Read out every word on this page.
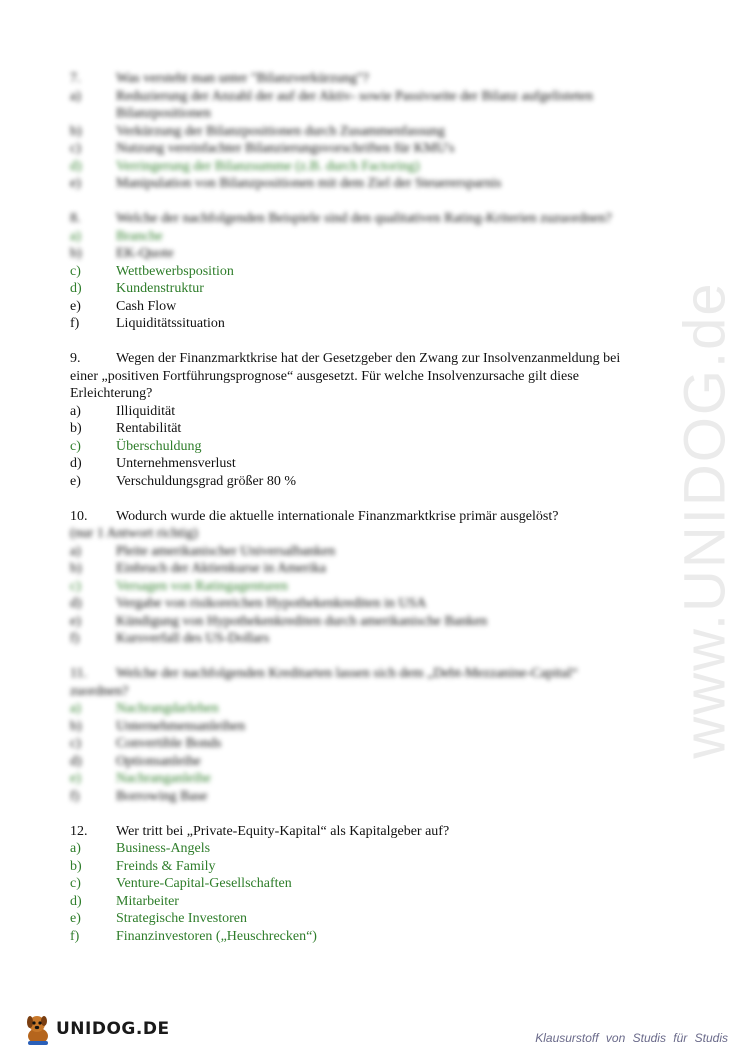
www.UNIDOG.de
7.	Was versteht man unter "Bilanzverkürzung"?
a)	Reduzierung der Anzahl der auf der Aktiv- sowie Passivseite der Bilanz aufgelisteten Bilanzpositionen
b)	Verkürzung der Bilanzpositionen durch Zusammenfassung
c)	Nutzung vereinfachter Bilanzierungsvorschriften für KMU's
d)	Verringerung der Bilanzsumme (z.B. durch Factoring)
e)	Manipulation von Bilanzpositionen mit dem Ziel der Steuerersparnis
8.	Welche der nachfolgenden Beispiele sind den qualitativen Rating-Kriterien zuzuordnen?
a)	Branche
b)	EK-Quote
c)	Wettbewerbsposition
d)	Kundenstruktur
e)	Cash Flow
f)	Liquiditätssituation
9.	Wegen der Finanzmarktkrise hat der Gesetzgeber den Zwang zur Insolvenzanmeldung bei
einer „positiven Fortführungsprognose“ ausgesetzt. Für welche Insolvenzursache gilt diese Erleichterung?
a)	Illiquidität
b)	Rentabilität
c)	Überschuldung
d)	Unternehmensverlust
e)	Verschuldungsgrad größer 80 %
10.	Wodurch wurde die aktuelle internationale Finanzmarktkrise primär ausgelöst?
(nur 1 Antwort richtig)
a)	Pleite amerikanischer Universalbanken
b)	Einbruch der Aktienkurse in Amerika
c)	Versagen von Ratingagenturen
d)	Vergabe von risikoreichen Hypothekenkrediten in USA
e)	Kündigung von Hypothekenkrediten durch amerikanische Banken
f)	Kursverfall des US-Dollars
11.	Welche der nachfolgenden Kreditarten lassen sich dem „Debt-Mezzanine-Capital“
zuordnen?
a)	Nachrangdarlehen
b)	Unternehmensanleihen
c)	Convertible Bonds
d)	Optionsanleihe
e)	Nachranganleihe
f)	Borrowing Base
12.	Wer tritt bei „Private-Equity-Kapital“ als Kapitalgeber auf?
a)	Business-Angels
b)	Freinds & Family
c)	Venture-Capital-Gesellschaften
d)	Mitarbeiter
e)	Strategische Investoren
f)	Finanzinvestoren („Heuschrecken“)
UNIDOG.DE	Klausurstoff von Studis für Studis
